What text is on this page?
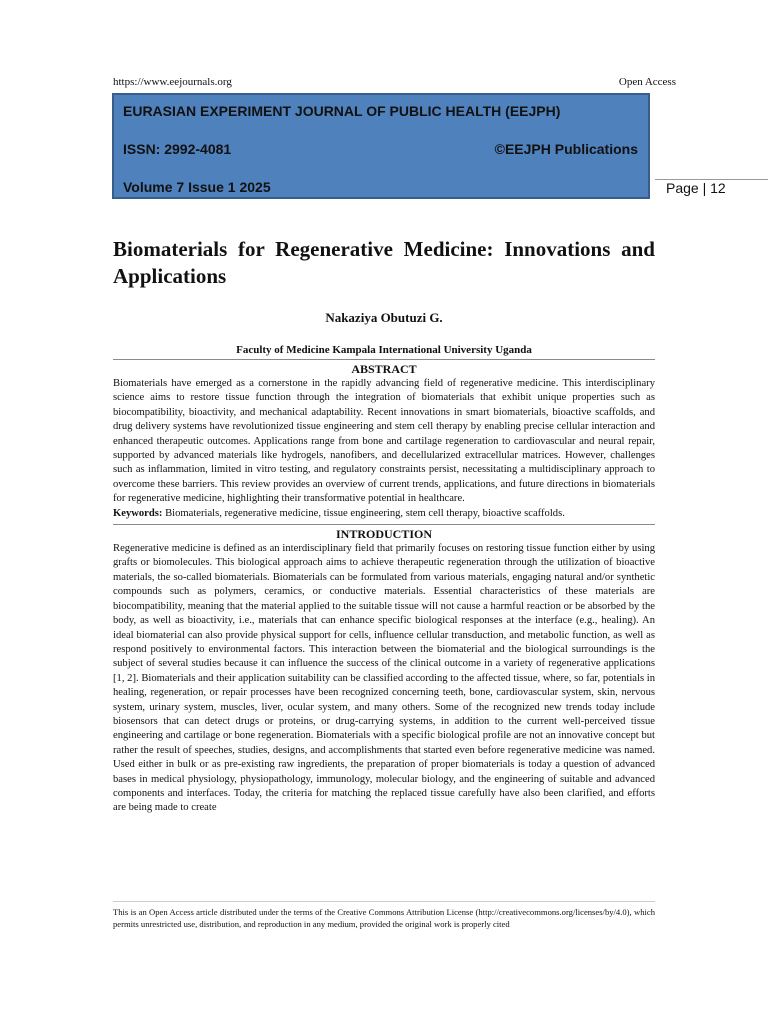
https://www.eejournals.org	Open Access
EURASIAN EXPERIMENT JOURNAL OF PUBLIC HEALTH (EEJPH)
ISSN: 2992-4081	©EEJPH Publications
Volume 7 Issue 1 2025	Page | 12
Biomaterials for Regenerative Medicine: Innovations and Applications
Nakaziya Obutuzi G.
Faculty of Medicine Kampala International University Uganda
ABSTRACT

Biomaterials have emerged as a cornerstone in the rapidly advancing field of regenerative medicine. This interdisciplinary science aims to restore tissue function through the integration of biomaterials that exhibit unique properties such as biocompatibility, bioactivity, and mechanical adaptability. Recent innovations in smart biomaterials, bioactive scaffolds, and drug delivery systems have revolutionized tissue engineering and stem cell therapy by enabling precise cellular interaction and enhanced therapeutic outcomes. Applications range from bone and cartilage regeneration to cardiovascular and neural repair, supported by advanced materials like hydrogels, nanofibers, and decellularized extracellular matrices. However, challenges such as inflammation, limited in vitro testing, and regulatory constraints persist, necessitating a multidisciplinary approach to overcome these barriers. This review provides an overview of current trends, applications, and future directions in biomaterials for regenerative medicine, highlighting their transformative potential in healthcare.

Keywords: Biomaterials, regenerative medicine, tissue engineering, stem cell therapy, bioactive scaffolds.

INTRODUCTION

Regenerative medicine is defined as an interdisciplinary field that primarily focuses on restoring tissue function either by using grafts or biomolecules. This biological approach aims to achieve therapeutic regeneration through the utilization of bioactive materials, the so-called biomaterials. Biomaterials can be formulated from various materials, engaging natural and/or synthetic compounds such as polymers, ceramics, or conductive materials. Essential characteristics of these materials are biocompatibility, meaning that the material applied to the suitable tissue will not cause a harmful reaction or be absorbed by the body, as well as bioactivity, i.e., materials that can enhance specific biological responses at the interface (e.g., healing). An ideal biomaterial can also provide physical support for cells, influence cellular transduction, and metabolic function, as well as respond positively to environmental factors. This interaction between the biomaterial and the biological surroundings is the subject of several studies because it can influence the success of the clinical outcome in a variety of regenerative applications [1, 2]. Biomaterials and their application suitability can be classified according to the affected tissue, where, so far, potentials in healing, regeneration, or repair processes have been recognized concerning teeth, bone, cardiovascular system, skin, nervous system, urinary system, muscles, liver, ocular system, and many others. Some of the recognized new trends today include biosensors that can detect drugs or proteins, or drug-carrying systems, in addition to the current well-perceived tissue engineering and cartilage or bone regeneration. Biomaterials with a specific biological profile are not an innovative concept but rather the result of speeches, studies, designs, and accomplishments that started even before regenerative medicine was named. Used either in bulk or as pre-existing raw ingredients, the preparation of proper biomaterials is today a question of advanced bases in medical physiology, physiopathology, immunology, molecular biology, and the engineering of suitable and advanced components and interfaces. Today, the criteria for matching the replaced tissue carefully have also been clarified, and efforts are being made to create

This is an Open Access article distributed under the terms of the Creative Commons Attribution License (http://creativecommons.org/licenses/by/4.0), which permits unrestricted use, distribution, and reproduction in any medium, provided the original work is properly cited
